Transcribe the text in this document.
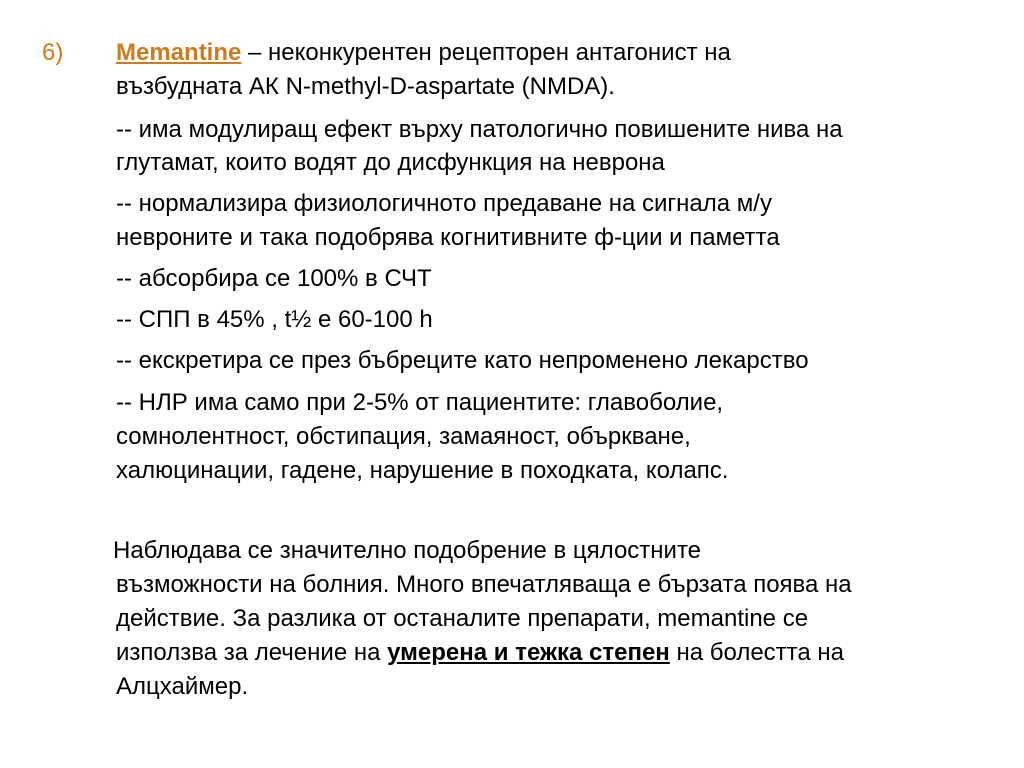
6) Memantine – неконкурентен рецепторен антагонист на
възбудната АК N-methyl-D-aspartate (NMDA).
-- има модулиращ ефект върху патологично повишените нива на
глутамат, които водят до дисфункция на неврона
-- нормализира физиологичното предаване на сигнала м/у
невроните и така подобрява когнитивните ф-ции и паметта
-- абсорбира се 100% в СЧТ
-- СПП в 45% , t½ е 60-100 h
-- екскретира се през бъбреците като непроменено лекарство
-- НЛР има само при 2-5% от пациентите: главоболие,
сомнолентност, обстипация, замаяност, объркване,
халюцинации, гадене, нарушение в походката, колапс.
Наблюдава се значително подобрение в цялостните
възможности на болния. Много впечатляваща е бързата поява на
действие. За разлика от останалите препарати, memantine се
използва за лечение на умерена и тежка степен на болестта на
Алцхаймер.
